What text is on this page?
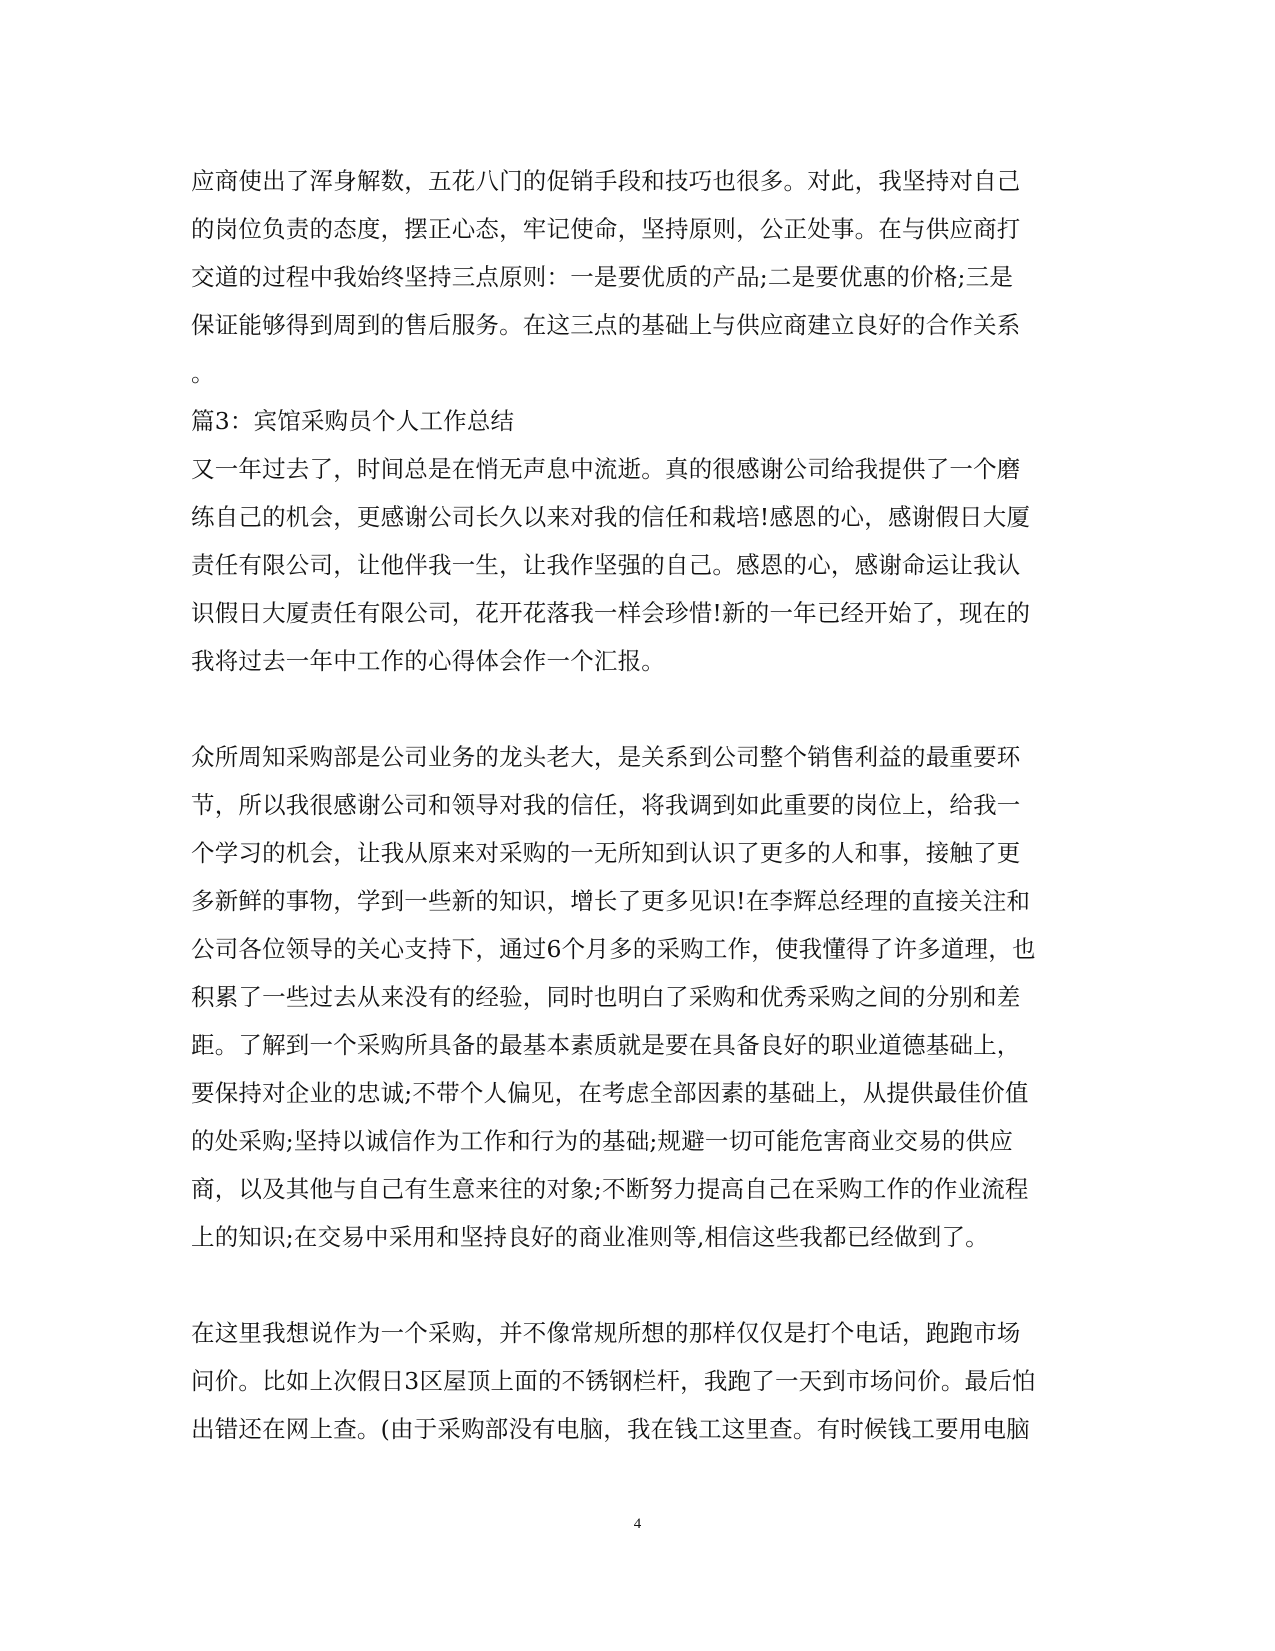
应商使出了浑身解数，五花八门的促销手段和技巧也很多。对此，我坚持对自己
的岗位负责的态度，摆正心态，牢记使命，坚持原则，公正处事。在与供应商打
交道的过程中我始终坚持三点原则：一是要优质的产品;二是要优惠的价格;三是
保证能够得到周到的售后服务。在这三点的基础上与供应商建立良好的合作关系
。
篇3：宾馆采购员个人工作总结
又一年过去了，时间总是在悄无声息中流逝。真的很感谢公司给我提供了一个磨
练自己的机会，更感谢公司长久以来对我的信任和栽培!感恩的心，感谢假日大厦
责任有限公司，让他伴我一生，让我作坚强的自己。感恩的心，感谢命运让我认
识假日大厦责任有限公司，花开花落我一样会珍惜!新的一年已经开始了，现在的
我将过去一年中工作的心得体会作一个汇报。
众所周知采购部是公司业务的龙头老大，是关系到公司整个销售利益的最重要环
节，所以我很感谢公司和领导对我的信任，将我调到如此重要的岗位上，给我一
个学习的机会，让我从原来对采购的一无所知到认识了更多的人和事，接触了更
多新鲜的事物，学到一些新的知识，增长了更多见识!在李辉总经理的直接关注和
公司各位领导的关心支持下，通过6个月多的采购工作，使我懂得了许多道理，也
积累了一些过去从来没有的经验，同时也明白了采购和优秀采购之间的分别和差
距。了解到一个采购所具备的最基本素质就是要在具备良好的职业道德基础上，
要保持对企业的忠诚;不带个人偏见，在考虑全部因素的基础上，从提供最佳价值
的处采购;坚持以诚信作为工作和行为的基础;规避一切可能危害商业交易的供应
商，以及其他与自己有生意来往的对象;不断努力提高自己在采购工作的作业流程
上的知识;在交易中采用和坚持良好的商业准则等,相信这些我都已经做到了。
在这里我想说作为一个采购，并不像常规所想的那样仅仅是打个电话，跑跑市场
问价。比如上次假日3区屋顶上面的不锈钢栏杆，我跑了一天到市场问价。最后怕
出错还在网上查。(由于采购部没有电脑，我在钱工这里查。有时候钱工要用电脑
4
